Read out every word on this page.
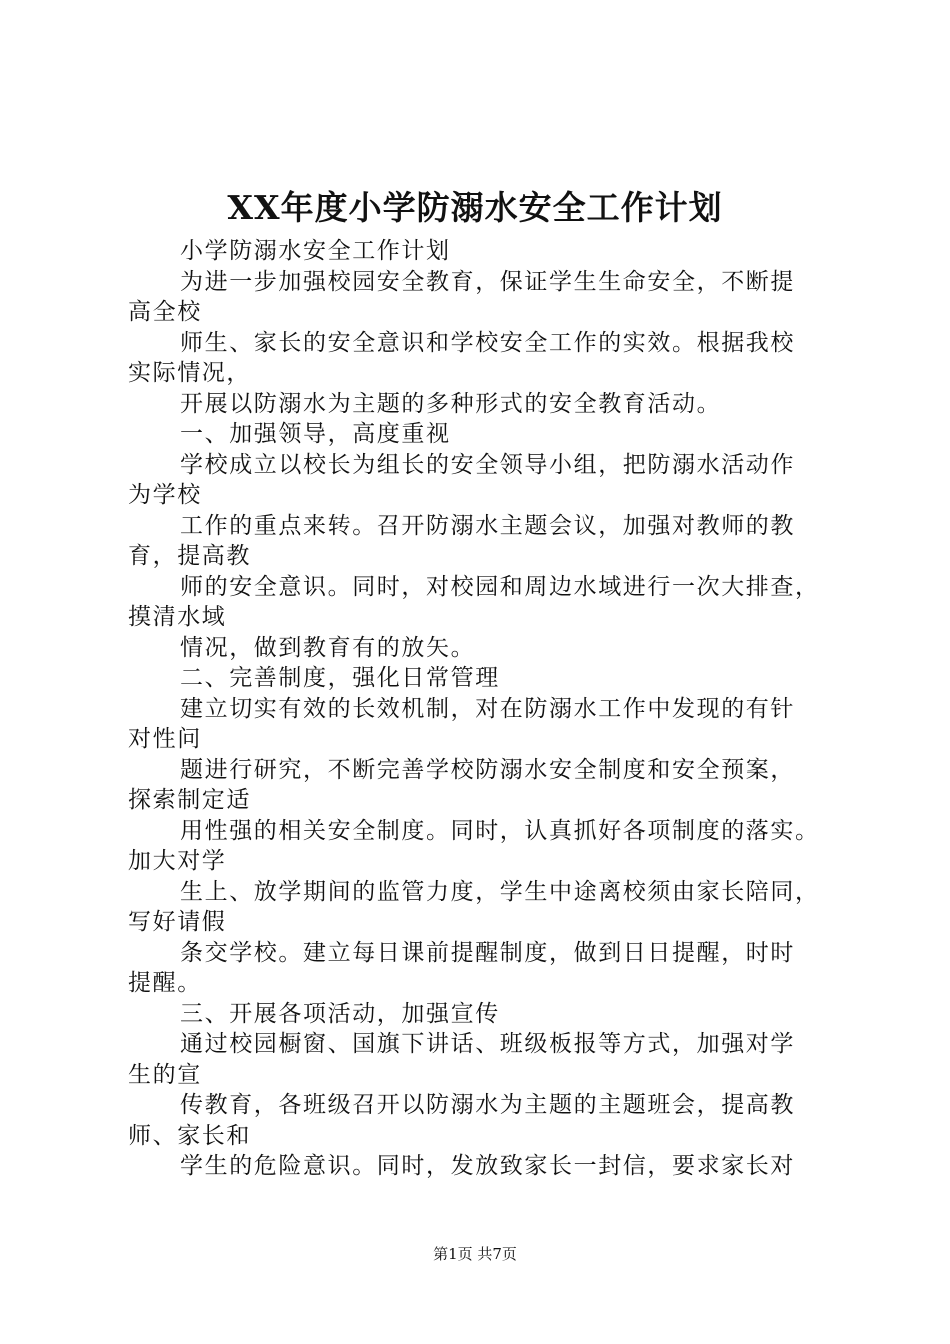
XX年度小学防溺水安全工作计划
小学防溺水安全工作计划
为进一步加强校园安全教育，保证学生生命安全，不断提
高全校
师生、家长的安全意识和学校安全工作的实效。根据我校
实际情况，
开展以防溺水为主题的多种形式的安全教育活动。
一、加强领导，高度重视
学校成立以校长为组长的安全领导小组，把防溺水活动作
为学校
工作的重点来转。召开防溺水主题会议，加强对教师的教
育，提高教
师的安全意识。同时，对校园和周边水域进行一次大排查，
摸清水域
情况，做到教育有的放矢。
二、完善制度，强化日常管理
建立切实有效的长效机制，对在防溺水工作中发现的有针
对性问
题进行研究，不断完善学校防溺水安全制度和安全预案，
探索制定适
用性强的相关安全制度。同时，认真抓好各项制度的落实。
加大对学
生上、放学期间的监管力度，学生中途离校须由家长陪同，
写好请假
条交学校。建立每日课前提醒制度，做到日日提醒，时时
提醒。
三、开展各项活动，加强宣传
通过校园橱窗、国旗下讲话、班级板报等方式，加强对学
生的宣
传教育，各班级召开以防溺水为主题的主题班会，提高教
师、家长和
学生的危险意识。同时，发放致家长一封信，要求家长对
第1页 共7页
